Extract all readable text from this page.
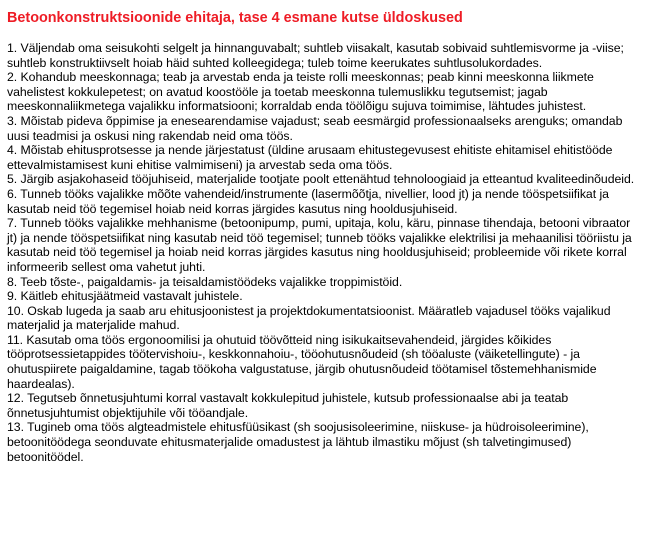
Betoonkonstruktsioonide ehitaja, tase 4 esmane kutse üldoskused
1. Väljendab oma seisukohti selgelt ja hinnanguvabalt; suhtleb viisakalt, kasutab sobivaid suhtlemisvorme ja -viise; suhtleb konstruktiivselt hoiab häid suhted kolleegidega; tuleb toime keerukates suhtlusolukordades.
2. Kohandub meeskonnaga; teab ja arvestab enda ja teiste rolli meeskonnas; peab kinni meeskonna liikmete vahelistest kokkulepetest; on avatud koostööle ja toetab meeskonna tulemuslikku tegutsemist; jagab meeskonnaliikmetega vajalikku informatsiooni; korraldab enda töölõigu sujuva toimimise, lähtudes juhistest.
3. Mõistab pideva õppimise ja enesearendamise vajadust; seab eesmärgid professionaalseks arenguks; omandab uusi teadmisi ja oskusi ning rakendab neid oma töös.
4. Mõistab ehitusprotsesse ja nende järjestatust (üldine arusaam ehitustegevusest ehitiste ehitamisel ehitistööde ettevalmistamisest kuni ehitise valmimiseni) ja arvestab seda oma töös.
5. Järgib asjakohaseid tööjuhiseid, materjalide tootjate poolt ettenähtud tehnoloogiaid ja etteantud kvaliteedinõudeid.
6. Tunneb tööks vajalikke mõõte vahendeid/instrumente (lasermõõtja, nivellier, lood jt) ja nende tööspetsiifikat ja kasutab neid töö tegemisel hoiab neid korras järgides kasutus ning hooldusjuhiseid.
7. Tunneb tööks vajalikke mehhanisme (betoonipump, pumi, upitaja, kolu, käru, pinnase tihendaja, betooni vibraator jt) ja nende tööspetsiifikat ning kasutab neid töö tegemisel; tunneb tööks vajalikke elektrilisi ja mehaanilisi tööriistu ja kasutab neid töö tegemisel ja hoiab neid korras järgides kasutus ning hooldusjuhiseid; probleemide või rikete korral informeerib sellest oma vahetut juhti.
8. Teeb tõste-, paigaldamis- ja teisaldamistöödeks vajalikke troppimistöid.
9. Käitleb ehitusjäätmeid vastavalt juhistele.
10. Oskab lugeda ja saab aru ehitusjoonistest ja projektdokumentatsioonist. Määratleb vajadusel tööks vajalikud materjalid ja materjalide mahud.
11. Kasutab oma töös ergonoomilisi ja ohutuid töövõtteid ning isikukaitsevahendeid, järgides kõikides tööprotsessietappides töötervishoiu-, keskkonnahoiu-, tööohutusnõudeid (sh tööaluste (väiketellingute) - ja ohutuspiirete paigaldamine, tagab töökoha valgustatuse, järgib ohutusnõudeid töötamisel tõstemehhanismide haardealas).
12. Tegutseb õnnetusjuhtumi korral vastavalt kokkulepitud juhistele, kutsub professionaalse abi ja teatab õnnetusjuhtumist objektijuhile või tööandjale.
13. Tugineb oma töös algteadmistele ehitusfüüsikast (sh soojusisoleerimine, niiskuse- ja hüdroisoleerimine), betoonitöödega seonduvate ehitusmaterjalide omadustest ja lähtub ilmastiku mõjust (sh talvetingimused) betoonitöödel.
